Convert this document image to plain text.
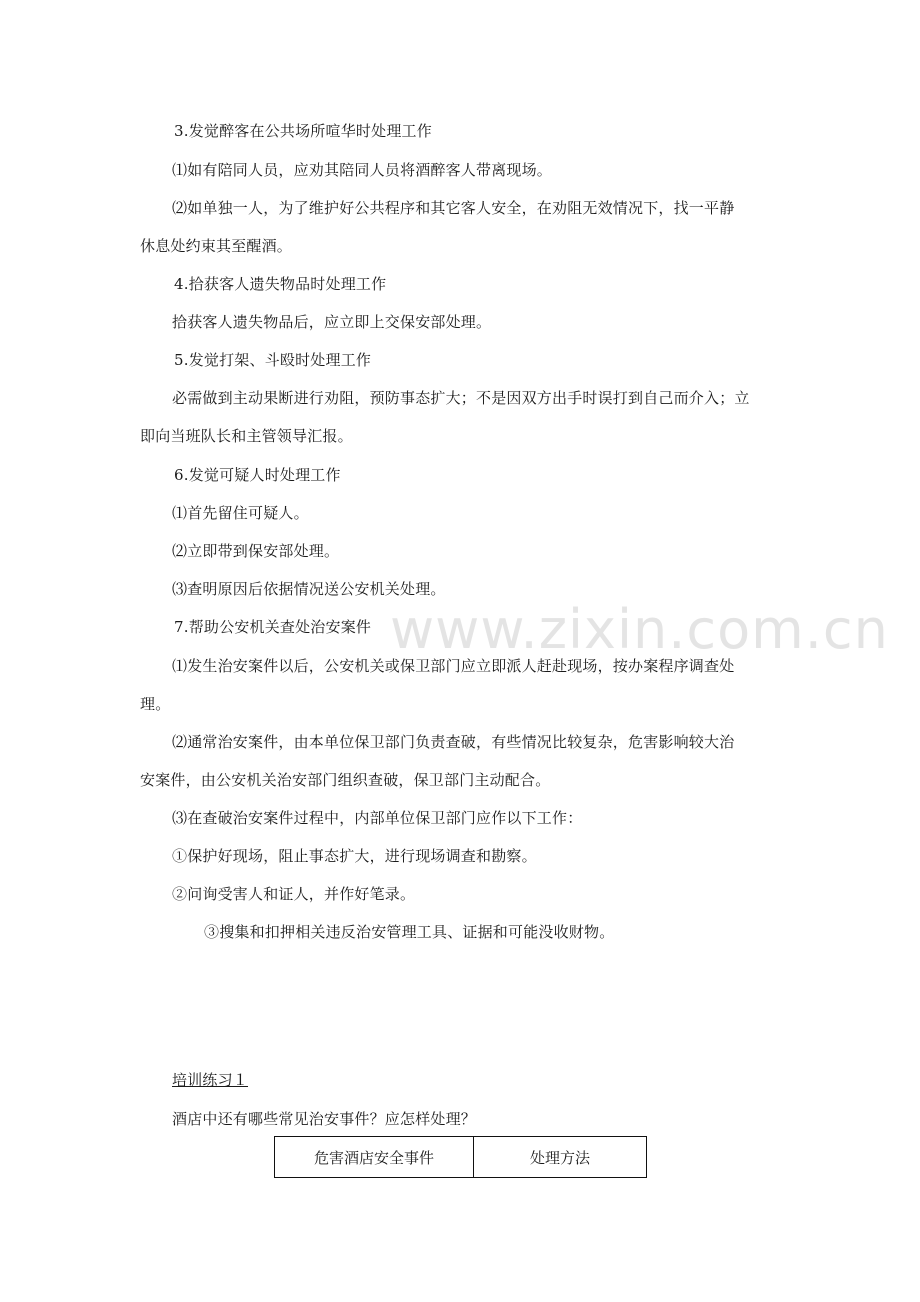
www.zixin.com.cn
3.发觉醉客在公共场所喧华时处理工作
⑴如有陪同人员，应劝其陪同人员将酒醉客人带离现场。
⑵如单独一人，为了维护好公共程序和其它客人安全，在劝阻无效情况下，找一平静
休息处约束其至醒酒。
4.拾获客人遗失物品时处理工作
拾获客人遗失物品后，应立即上交保安部处理。
5.发觉打架、斗殴时处理工作
必需做到主动果断进行劝阻，预防事态扩大；不是因双方出手时误打到自己而介入；立
即向当班队长和主管领导汇报。
6.发觉可疑人时处理工作
⑴首先留住可疑人。
⑵立即带到保安部处理。
⑶查明原因后依据情况送公安机关处理。
7.帮助公安机关查处治安案件
⑴发生治安案件以后，公安机关或保卫部门应立即派人赶赴现场，按办案程序调查处
理。
⑵通常治安案件，由本单位保卫部门负责查破，有些情况比较复杂，危害影响较大治
安案件，由公安机关治安部门组织查破，保卫部门主动配合。
⑶在查破治安案件过程中，内部单位保卫部门应作以下工作：
①保护好现场，阻止事态扩大，进行现场调查和勘察。
②问询受害人和证人，并作好笔录。
③搜集和扣押相关违反治安管理工具、证据和可能没收财物。
培训练习１
酒店中还有哪些常见治安事件？应怎样处理？
危害酒店安全事件	处理方法
